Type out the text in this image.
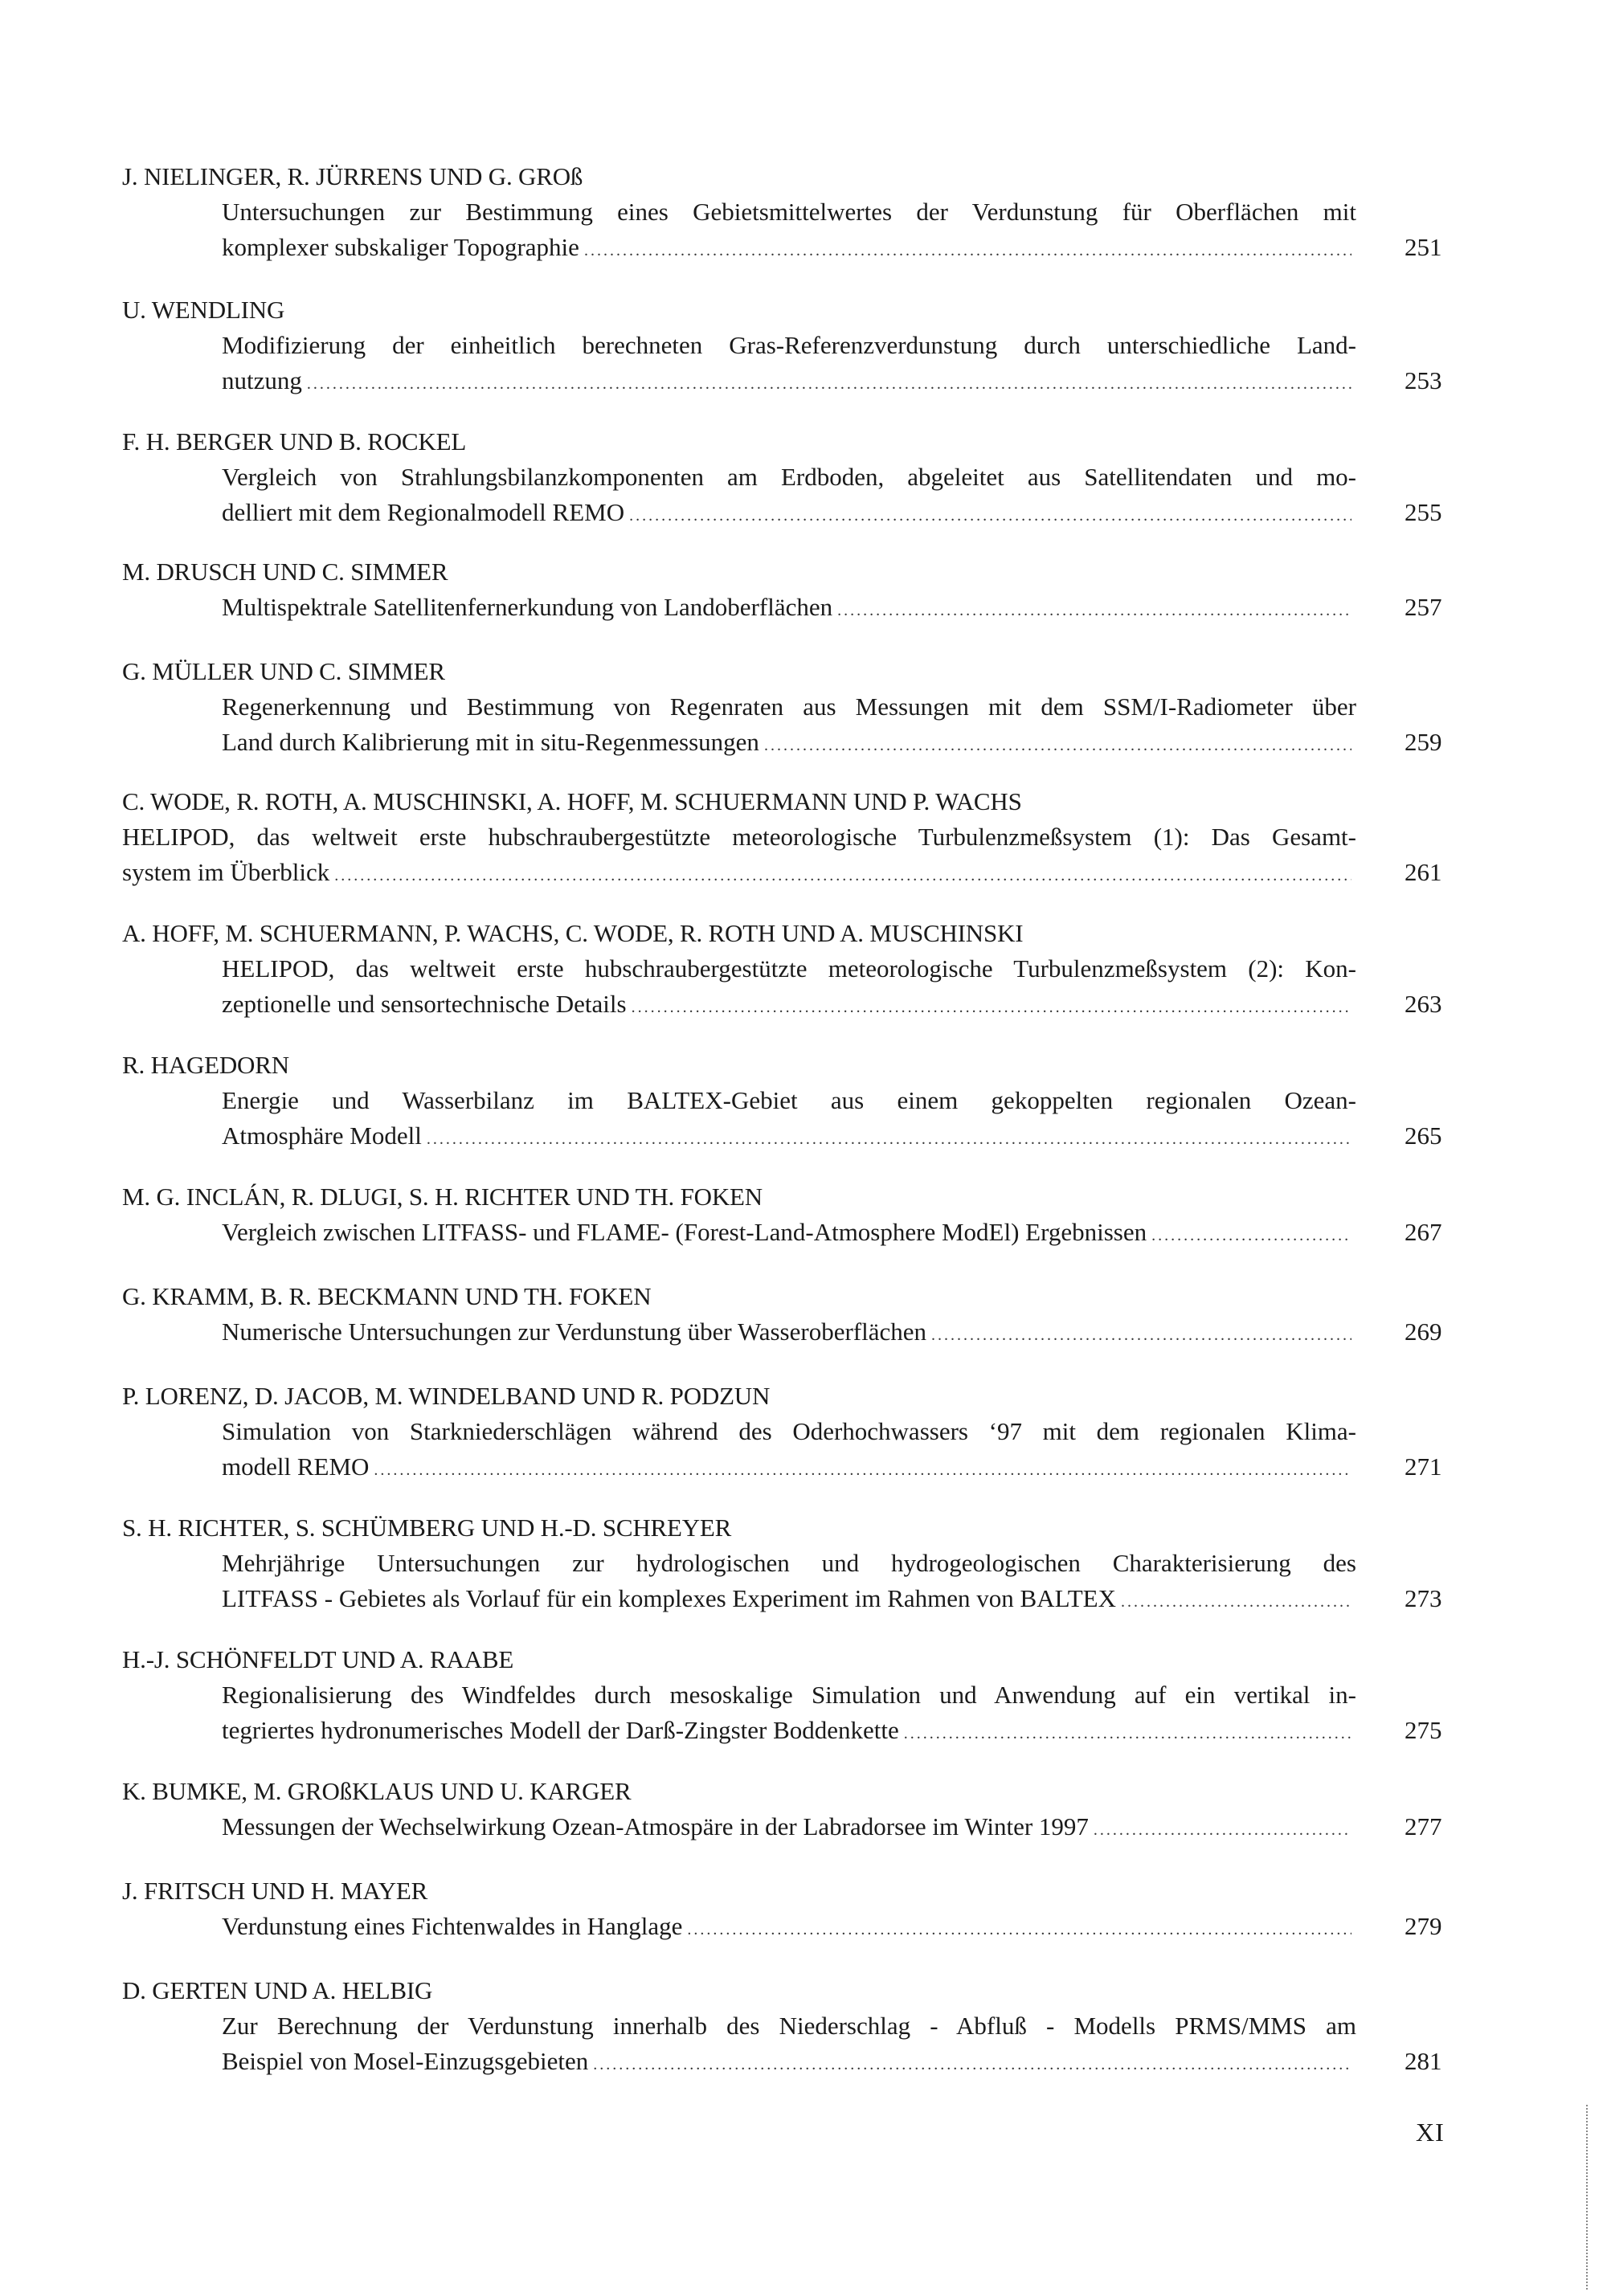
J. NIELINGER, R. JÜRRENS UND G. GROß
Untersuchungen zur Bestimmung eines Gebietsmittelwertes der Verdunstung für Oberflächen mit
komplexer subskaliger Topographie . . .	251
U. WENDLING
Modifizierung der einheitlich berechneten Gras-Referenzverdunstung durch unterschiedliche Land-
nutzung . . .	253
F. H. BERGER UND B. ROCKEL
Vergleich von Strahlungsbilanzkomponenten am Erdboden, abgeleitet aus Satellitendaten und mo-
delliert mit dem Regionalmodell REMO . . .	255
M. DRUSCH UND C. SIMMER
Multispektrale Satellitenfernerkundung von Landoberflächen . . .	257
G. MÜLLER UND C. SIMMER
Regenerkennung und Bestimmung von Regenraten aus Messungen mit dem SSM/I-Radiometer über
Land durch Kalibrierung mit in situ-Regenmessungen . . .	259
C. WODE, R. ROTH, A. MUSCHINSKI, A. HOFF, M. SCHUERMANN UND P. WACHS
HELIPOD, das weltweit erste hubschraubergestützte meteorologische Turbulenzmeßsystem (1): Das Gesamt-
system im Überblick . . .	261
A. HOFF, M. SCHUERMANN, P. WACHS, C. WODE, R. ROTH UND A. MUSCHINSKI
HELIPOD, das weltweit erste hubschraubergestützte meteorologische Turbulenzmeßsystem (2): Kon-
zeptionelle und sensortechnische Details . . .	263
R. HAGEDORN
Energie und Wasserbilanz im BALTEX-Gebiet aus einem gekoppelten regionalen Ozean-
Atmosphäre Modell . . .	265
M. G. INCLÁN, R. DLUGI, S. H. RICHTER UND TH. FOKEN
Vergleich zwischen LITFASS- und FLAME- (Forest-Land-Atmosphere ModEl) Ergebnissen . . .	267
G. KRAMM, B. R. BECKMANN UND TH. FOKEN
Numerische Untersuchungen zur Verdunstung über Wasseroberflächen . . .	269
P. LORENZ, D. JACOB, M. WINDELBAND UND R. PODZUN
Simulation von Starkniederschlägen während des Oderhochwassers ‘97 mit dem regionalen Klima-
modell REMO . . .	271
S. H. RICHTER, S. SCHÜMBERG UND H.-D. SCHREYER
Mehrjährige Untersuchungen zur hydrologischen und hydrogeologischen Charakterisierung des
LITFASS - Gebietes als Vorlauf für ein komplexes Experiment im Rahmen von BALTEX . . .	273
H.-J. SCHÖNFELDT UND A. RAABE
Regionalisierung des Windfeldes durch mesoskalige Simulation und Anwendung auf ein vertikal in-
tegriertes hydronumerisches Modell der Darß-Zingster Boddenkette . . .	275
K. BUMKE, M. GROßKLAUS UND U. KARGER
Messungen der Wechselwirkung Ozean-Atmospäre in der Labradorsee im Winter 1997 . . .	277
J. FRITSCH UND H. MAYER
Verdunstung eines Fichtenwaldes in Hanglage . . .	279
D. GERTEN UND A. HELBIG
Zur Berechnung der Verdunstung innerhalb des Niederschlag - Abfluß - Modells PRMS/MMS am
Beispiel von Mosel-Einzugsgebieten . . .	281
XI
